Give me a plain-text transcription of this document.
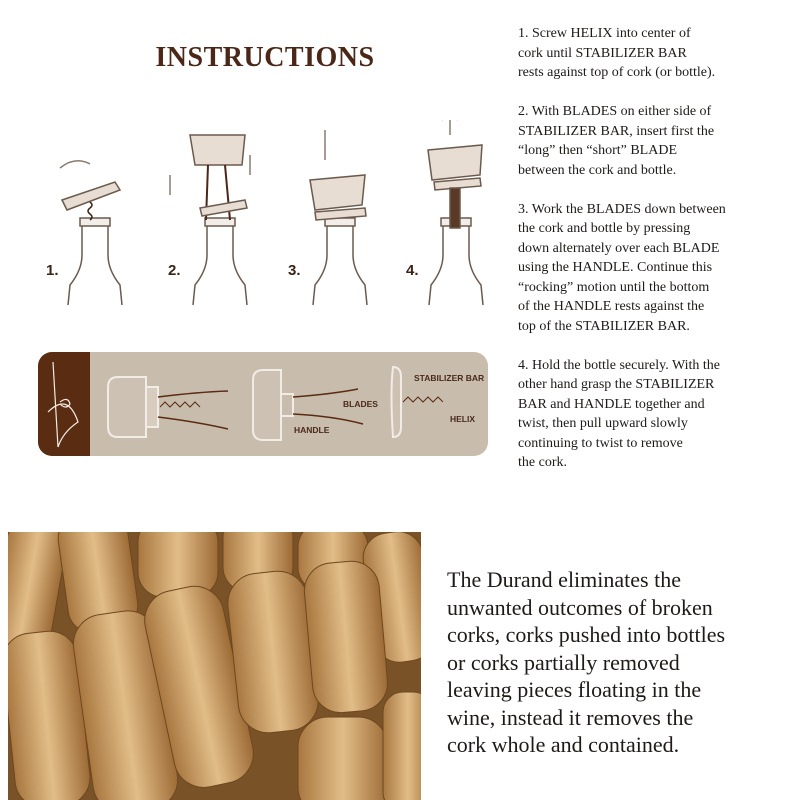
INSTRUCTIONS
1.	2.	3.	4.
STABILIZER BAR
BLADES
HANDLE
HELIX
1. Screw HELIX into center of
cork until STABILIZER BAR
rests against top of cork (or bottle).
2. With BLADES on either side of
STABILIZER BAR, insert first the
“long” then “short” BLADE
between the cork and bottle.
3. Work the BLADES down between
the cork and bottle by pressing
down alternately over each BLADE
using the HANDLE. Continue this
“rocking” motion until the bottom
of the HANDLE rests against the
top of the STABILIZER BAR.
4. Hold the bottle securely. With the
other hand grasp the STABILIZER
BAR and HANDLE together and
twist, then pull upward slowly
continuing to twist to remove
the cork.
The Durand eliminates the
unwanted outcomes of broken
corks, corks pushed into bottles
or corks partially removed
leaving pieces floating in the
wine, instead it removes the
cork whole and contained.
